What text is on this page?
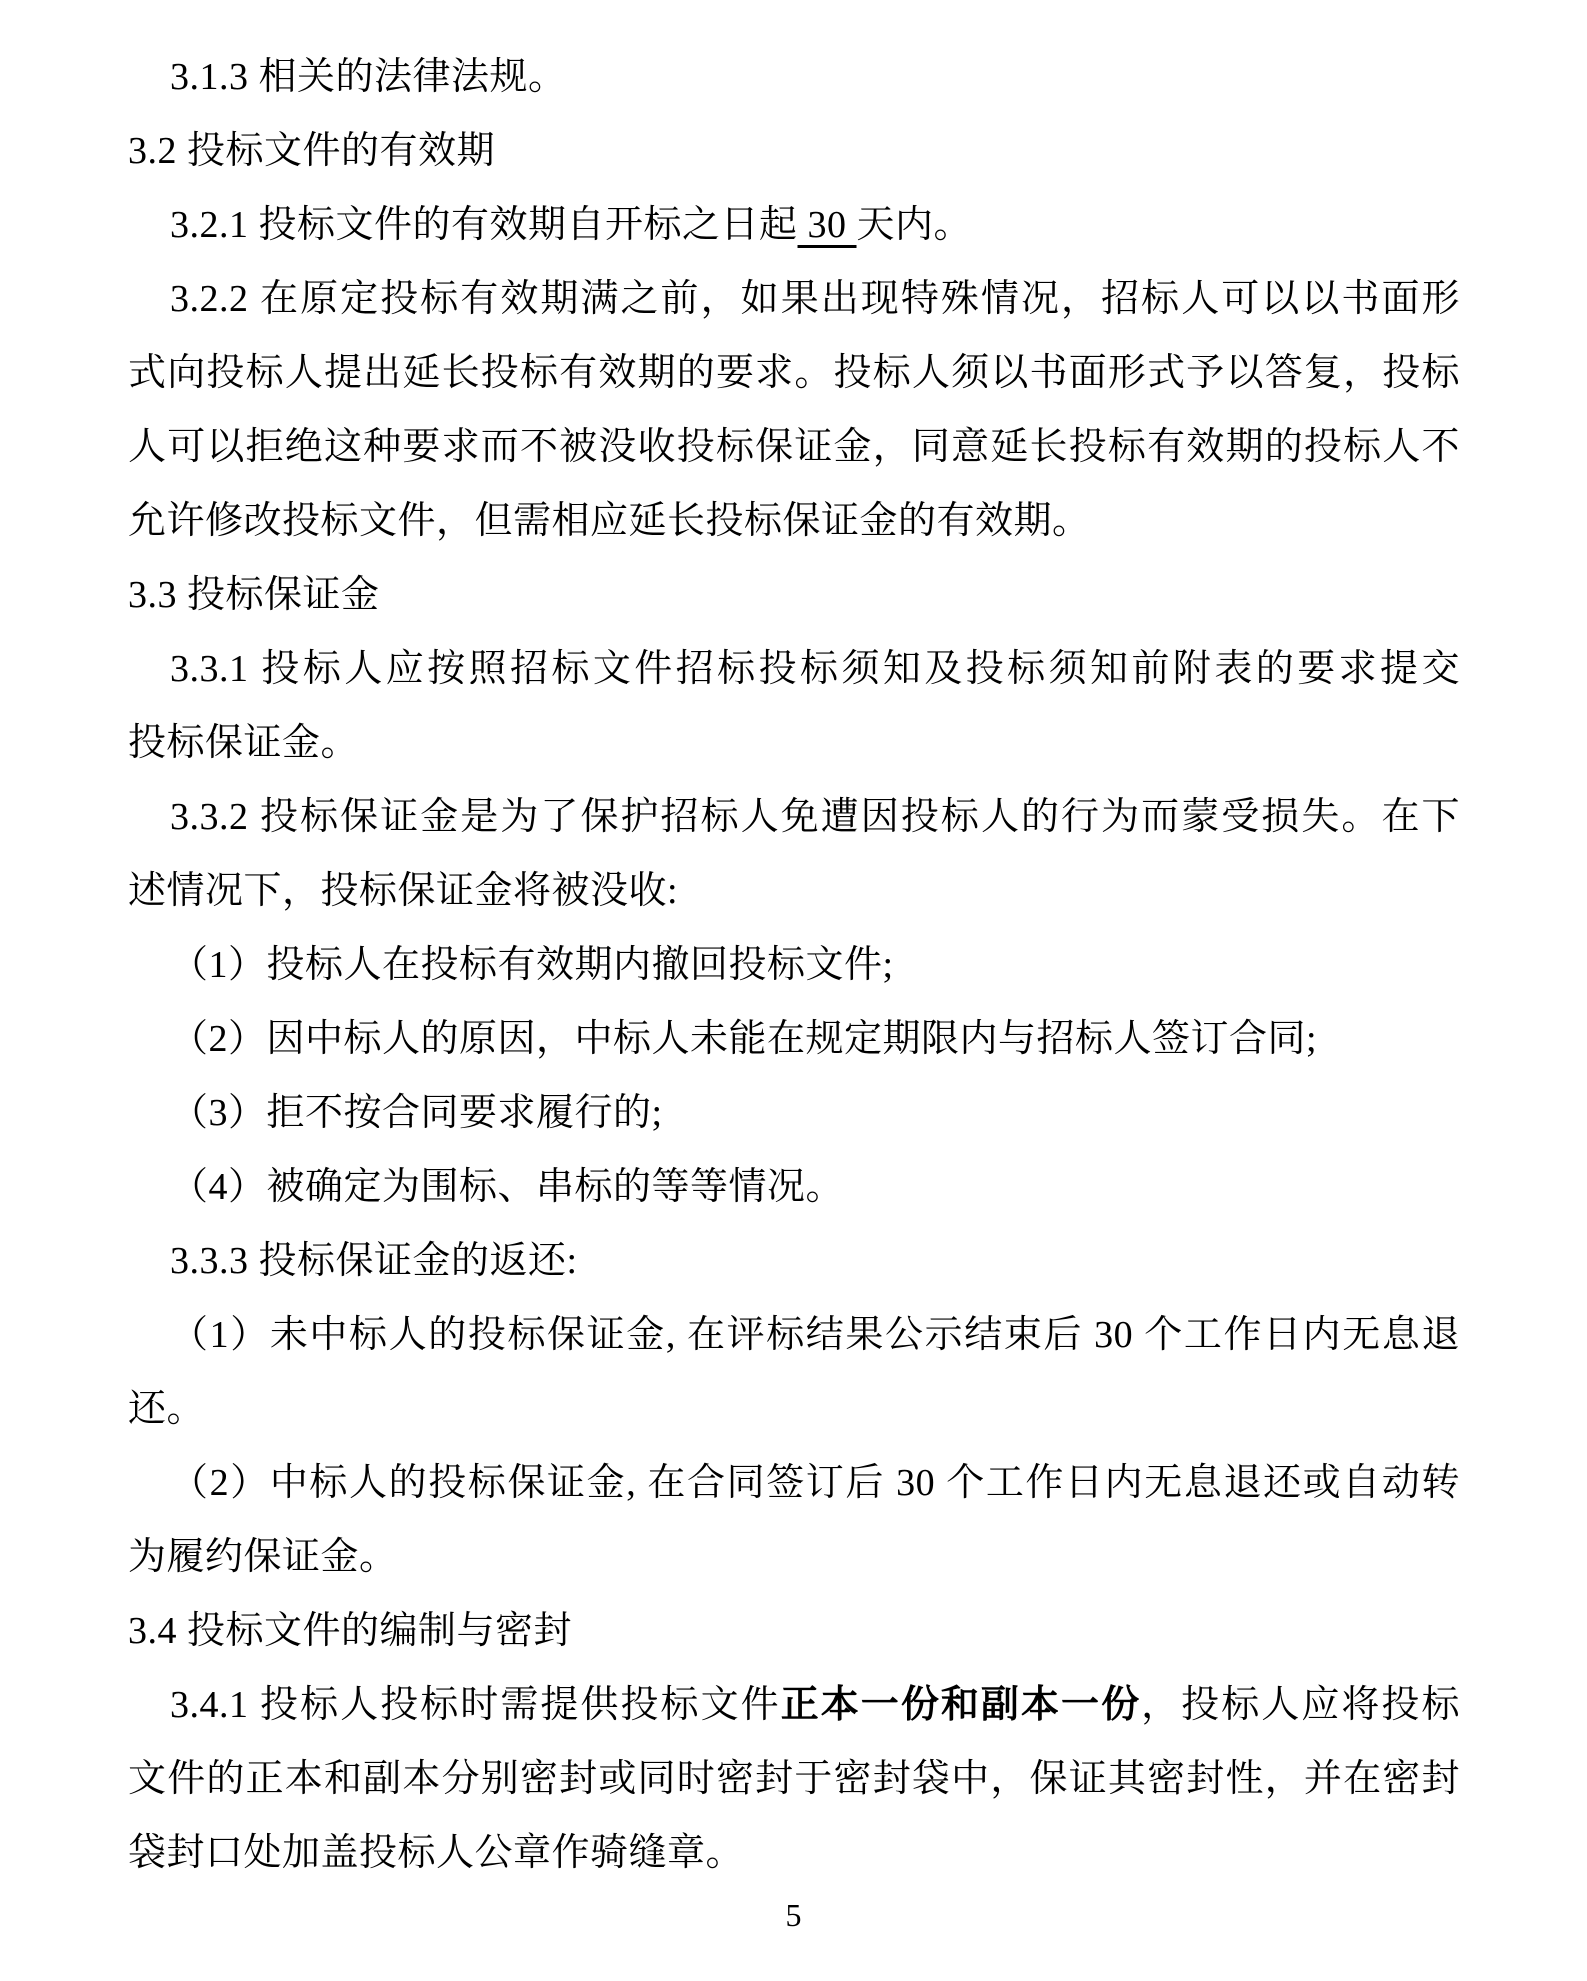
3.1.3 相关的法律法规。
3.2 投标文件的有效期
3.2.1 投标文件的有效期自开标之日起 30 天内。
3.2.2 在原定投标有效期满之前，如果出现特殊情况，招标人可以以书面形
式向投标人提出延长投标有效期的要求。投标人须以书面形式予以答复，投标
人可以拒绝这种要求而不被没收投标保证金，同意延长投标有效期的投标人不
允许修改投标文件，但需相应延长投标保证金的有效期。
3.3 投标保证金
3.3.1 投标人应按照招标文件招标投标须知及投标须知前附表的要求提交
投标保证金。
3.3.2 投标保证金是为了保护招标人免遭因投标人的行为而蒙受损失。在下
述情况下，投标保证金将被没收:
（1）投标人在投标有效期内撤回投标文件;
（2）因中标人的原因，中标人未能在规定期限内与招标人签订合同;
（3）拒不按合同要求履行的;
（4）被确定为围标、串标的等等情况。
3.3.3 投标保证金的返还:
（1）未中标人的投标保证金, 在评标结果公示结束后 30 个工作日内无息退
还。
（2）中标人的投标保证金, 在合同签订后 30 个工作日内无息退还或自动转
为履约保证金。
3.4 投标文件的编制与密封
3.4.1 投标人投标时需提供投标文件正本一份和副本一份，投标人应将投标
文件的正本和副本分别密封或同时密封于密封袋中，保证其密封性，并在密封
袋封口处加盖投标人公章作骑缝章。
5
